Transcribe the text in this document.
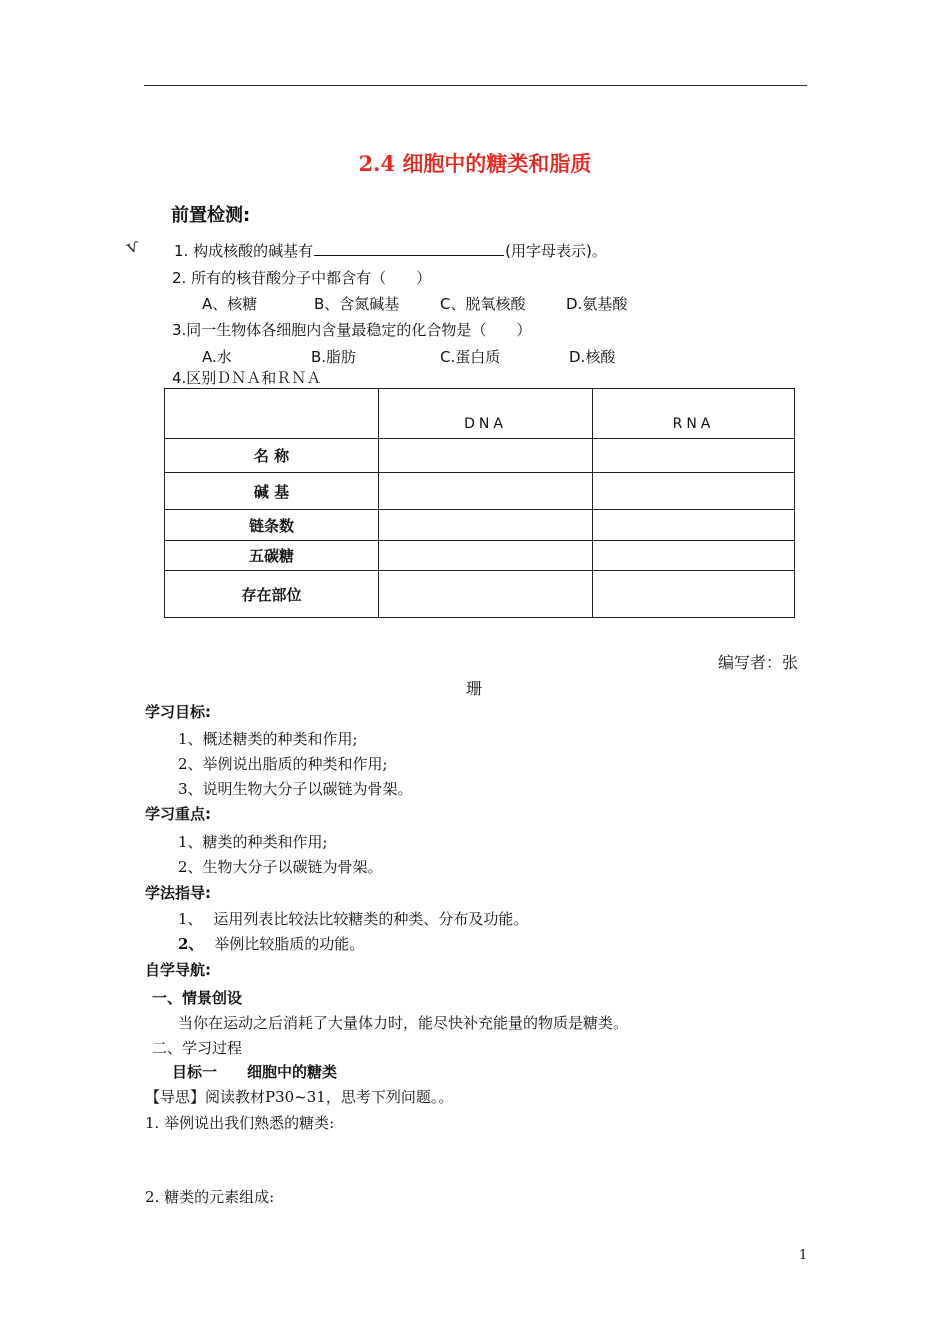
2.4 细胞中的糖类和脂质
前置检测:
ⱱ 1. 构成核酸的碱基有	(用字母表示)。
2. 所有的核苷酸分子中都含有（　　）
A、核糖	B、含氮碱基	C、脱氧核酸	D.氨基酸
3.同一生物体各细胞内含量最稳定的化合物是（　　）
A.水	B.脂肪	C.蛋白质	D.核酸
4.区别ＤＮＡ和ＲＮＡ
	DNA	RNA
名 称		
碱 基		
链条数		
五碳糖		
存在部位		
编写者：张
珊
学习目标:
1、概述糖类的种类和作用;
2、举例说出脂质的种类和作用;
3、说明生物大分子以碳链为骨架。
学习重点:
1、糖类的种类和作用;
2、生物大分子以碳链为骨架。
学法指导:
1、 运用列表比较法比较糖类的种类、分布及功能。
2、 举例比较脂质的功能。
自学导航:
一、情景创设
当你在运动之后消耗了大量体力时，能尽快补充能量的物质是糖类。
二、学习过程
目标一　　细胞中的糖类
【导思】阅读教材P30~31，思考下列问题。。
1. 举例说出我们熟悉的糖类:
2. 糖类的元素组成:
1
